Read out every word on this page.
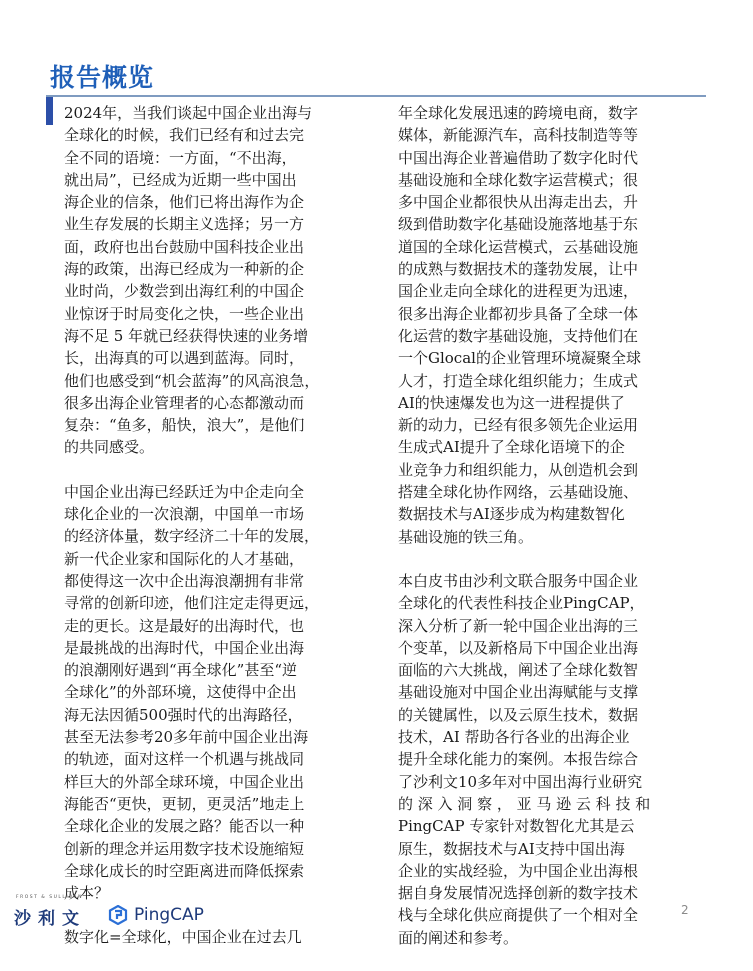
报告概览

2024年，当我们谈起中国企业出海与
全球化的时候，我们已经有和过去完
全不同的语境：一方面，“不出海，
就出局”，已经成为近期一些中国出
海企业的信条，他们已将出海作为企
业生存发展的长期主义选择；另一方
面，政府也出台鼓励中国科技企业出
海的政策，出海已经成为一种新的企
业时尚，少数尝到出海红利的中国企
业惊讶于时局变化之快，一些企业出
海不足 5 年就已经获得快速的业务增
长，出海真的可以遇到蓝海。同时，
他们也感受到“机会蓝海”的风高浪急，
很多出海企业管理者的心态都激动而
复杂：“鱼多，船快，浪大”，是他们
的共同感受。

中国企业出海已经跃迁为中企走向全
球化企业的一次浪潮，中国单一市场
的经济体量，数字经济二十年的发展，
新一代企业家和国际化的人才基础，
都使得这一次中企出海浪潮拥有非常
寻常的创新印迹，他们注定走得更远，
走的更长。这是最好的出海时代，也
是最挑战的出海时代，中国企业出海
的浪潮刚好遇到“再全球化”甚至“逆
全球化”的外部环境，这使得中企出
海无法因循500强时代的出海路径，
甚至无法参考20多年前中国企业出海
的轨迹，面对这样一个机遇与挑战同
样巨大的外部全球环境，中国企业出
海能否“更快，更韧，更灵活”地走上
全球化企业的发展之路？能否以一种
创新的理念并运用数字技术设施缩短
全球化成长的时空距离进而降低探索
成本？

数字化=全球化，中国企业在过去几

年全球化发展迅速的跨境电商，数字
媒体，新能源汽车，高科技制造等等
中国出海企业普遍借助了数字化时代
基础设施和全球化数字运营模式；很
多中国企业都很快从出海走出去，升
级到借助数字化基础设施落地基于东
道国的全球化运营模式，云基础设施
的成熟与数据技术的蓬勃发展，让中
国企业走向全球化的进程更为迅速，
很多出海企业都初步具备了全球一体
化运营的数字基础设施，支持他们在
一个Glocal的企业管理环境凝聚全球
人才，打造全球化组织能力；生成式
AI的快速爆发也为这一进程提供了
新的动力，已经有很多领先企业运用
生成式AI提升了全球化语境下的企
业竞争力和组织能力，从创造机会到
搭建全球化协作网络，云基础设施、
数据技术与AI逐步成为构建数智化
基础设施的铁三角。

本白皮书由沙利文联合服务中国企业
全球化的代表性科技企业PingCAP，
深入分析了新一轮中国企业出海的三
个变革，以及新格局下中国企业出海
面临的六大挑战，阐述了全球化数智
基础设施对中国企业出海赋能与支撑
的关键属性，以及云原生技术，数据
技术，AI 帮助各行各业的出海企业
提升全球化能力的案例。本报告综合
了沙利文10多年对中国出海行业研究
的 深 入 洞 察 ， 亚 马 逊 云 科 技 和
PingCAP 专家针对数智化尤其是云
原生，数据技术与AI支持中国出海
企业的实战经验，为中国企业出海根
据自身发展情况选择创新的数字技术
栈与全球化供应商提供了一个相对全
面的阐述和参考。

FROST & SULLIVAN
沙利文	PingCAP	2
